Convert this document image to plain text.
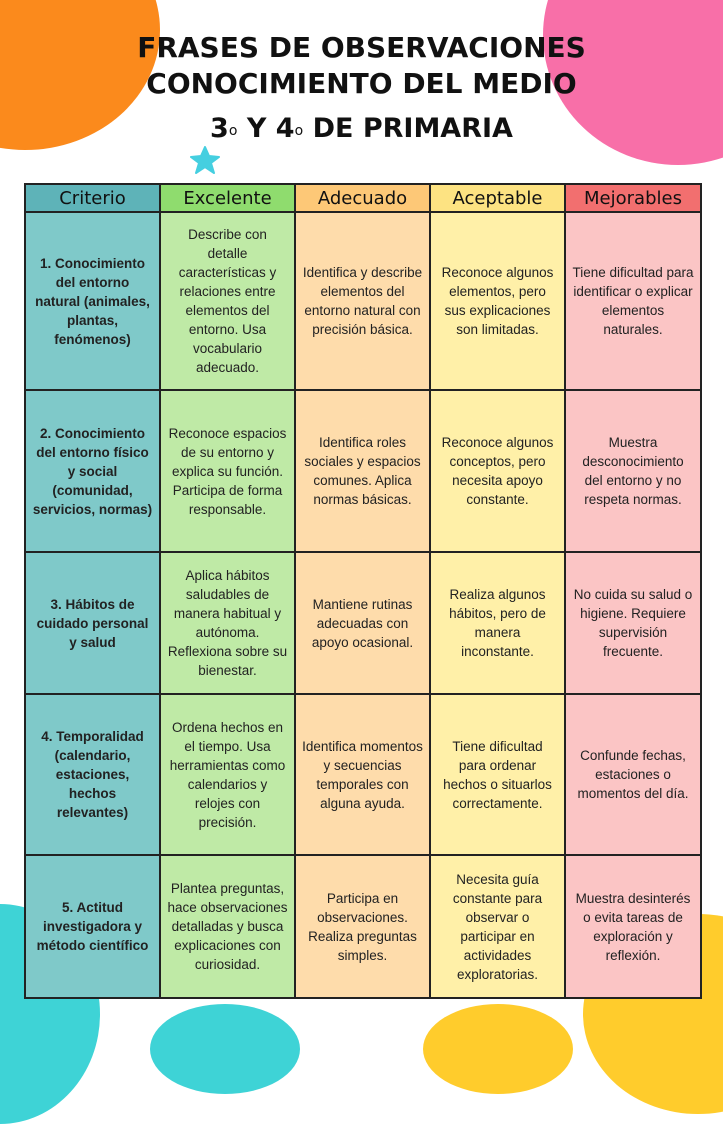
FRASES DE OBSERVACIONES
CONOCIMIENTO DEL MEDIO
3$^o$ Y 4$^o$ DE PRIMARIA
Criterio	Excelente	Adecuado	Aceptable	Mejorables
1. Conocimiento del entorno natural (animales, plantas, fenómenos)	Describe con detalle características y relaciones entre elementos del entorno. Usa vocabulario adecuado.	Identifica y describe elementos del entorno natural con precisión básica.	Reconoce algunos elementos, pero sus explicaciones son limitadas.	Tiene dificultad para identificar o explicar elementos naturales.
2. Conocimiento del entorno físico y social (comunidad, servicios, normas)	Reconoce espacios de su entorno y explica su función. Participa de forma responsable.	Identifica roles sociales y espacios comunes. Aplica normas básicas.	Reconoce algunos conceptos, pero necesita apoyo constante.	Muestra desconocimiento del entorno y no respeta normas.
3. Hábitos de cuidado personal y salud	Aplica hábitos saludables de manera habitual y autónoma. Reflexiona sobre su bienestar.	Mantiene rutinas adecuadas con apoyo ocasional.	Realiza algunos hábitos, pero de manera inconstante.	No cuida su salud o higiene. Requiere supervisión frecuente.
4. Temporalidad (calendario, estaciones, hechos relevantes)	Ordena hechos en el tiempo. Usa herramientas como calendarios y relojes con precisión.	Identifica momentos y secuencias temporales con alguna ayuda.	Tiene dificultad para ordenar hechos o situarlos correctamente.	Confunde fechas, estaciones o momentos del día.
5. Actitud investigadora y método científico	Plantea preguntas, hace observaciones detalladas y busca explicaciones con curiosidad.	Participa en observaciones. Realiza preguntas simples.	Necesita guía constante para observar o participar en actividades exploratorias.	Muestra desinterés o evita tareas de exploración y reflexión.
